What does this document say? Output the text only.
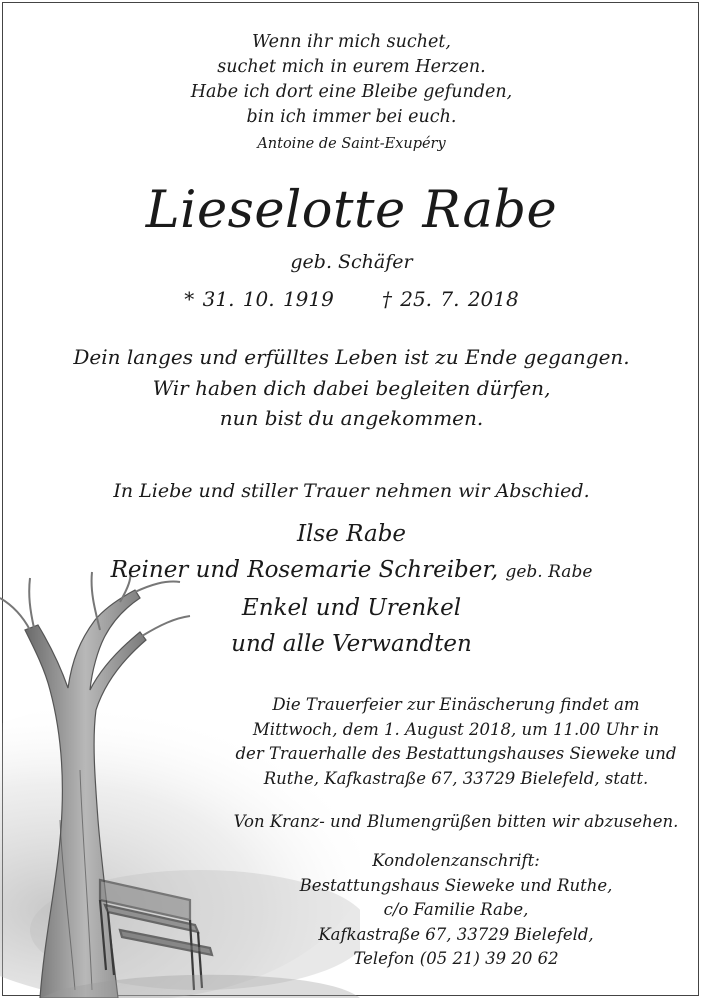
Wenn ihr mich suchet,
suchet mich in eurem Herzen.
Habe ich dort eine Bleibe gefunden,
bin ich immer bei euch.
Antoine de Saint-Exupéry
Lieselotte Rabe
geb. Schäfer
* 31. 10. 1919 † 25. 7. 2018
Dein langes und erfülltes Leben ist zu Ende gegangen.
Wir haben dich dabei begleiten dürfen,
nun bist du angekommen.
In Liebe und stiller Trauer nehmen wir Abschied.
Ilse Rabe
Reiner und Rosemarie Schreiber, geb. Rabe
Enkel und Urenkel
und alle Verwandten
Die Trauerfeier zur Einäscherung findet am
Mittwoch, dem 1. August 2018, um 11.00 Uhr in
der Trauerhalle des Bestattungshauses Sieweke und
Ruthe, Kafkastraße 67, 33729 Bielefeld, statt.
Von Kranz- und Blumengrüßen bitten wir abzusehen.
Kondolenzanschrift:
Bestattungshaus Sieweke und Ruthe,
c/o Familie Rabe,
Kafkastraße 67, 33729 Bielefeld,
Telefon (05 21) 39 20 62
